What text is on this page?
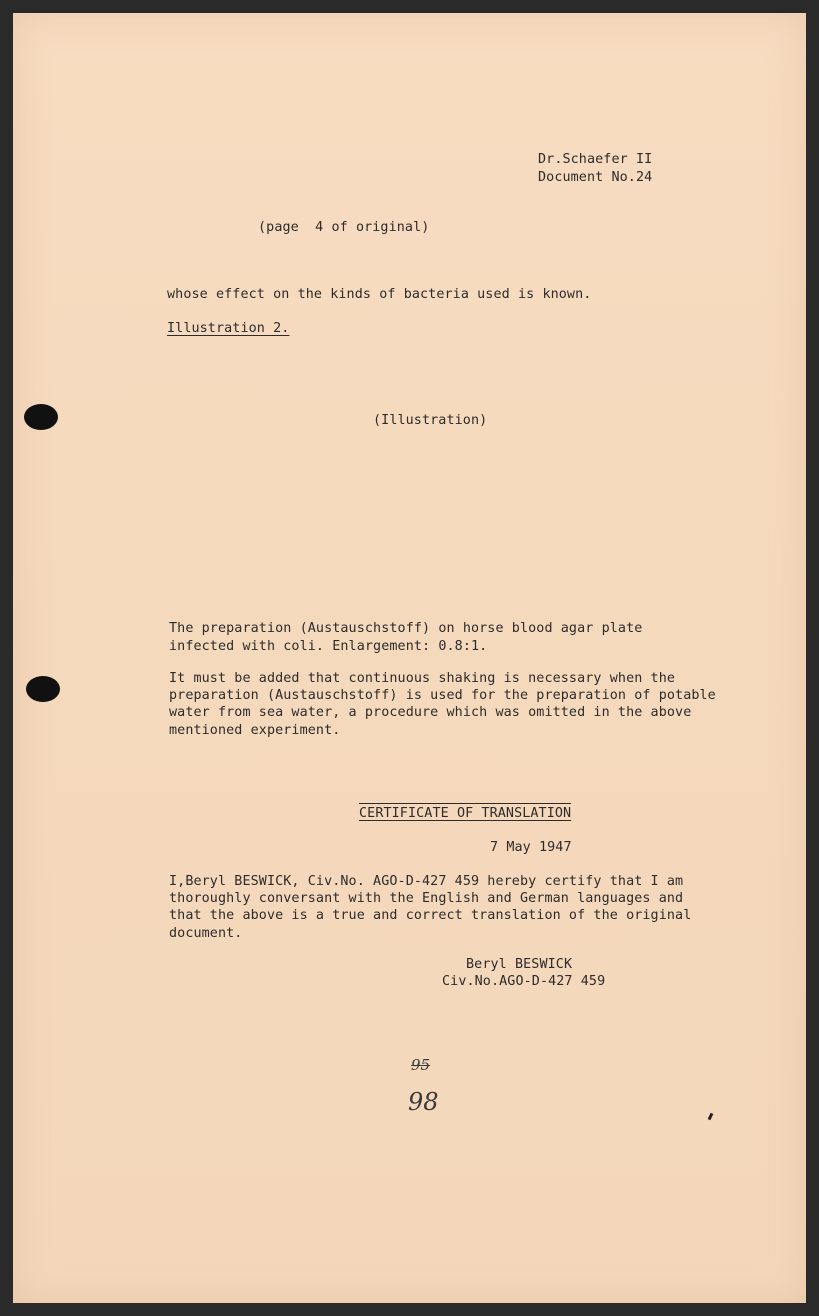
Dr.Schaefer II
Document No.24
(page  4 of original)
whose effect on the kinds of bacteria used is known.
Illustration 2.
(Illustration)
The preparation (Austauschstoff) on horse blood agar plate
infected with coli. Enlargement: 0.8:1.
It must be added that continuous shaking is necessary when the
preparation (Austauschstoff) is used for the preparation of potable
water from sea water, a procedure which was omitted in the above
mentioned experiment.
CERTIFICATE OF TRANSLATION
7 May 1947
I,Beryl BESWICK, Civ.No. AGO-D-427 459 hereby certify that I am
thoroughly conversant with the English and German languages and
that the above is a true and correct translation of the original
document.
Beryl BESWICK
Civ.No.AGO-D-427 459
95
98
